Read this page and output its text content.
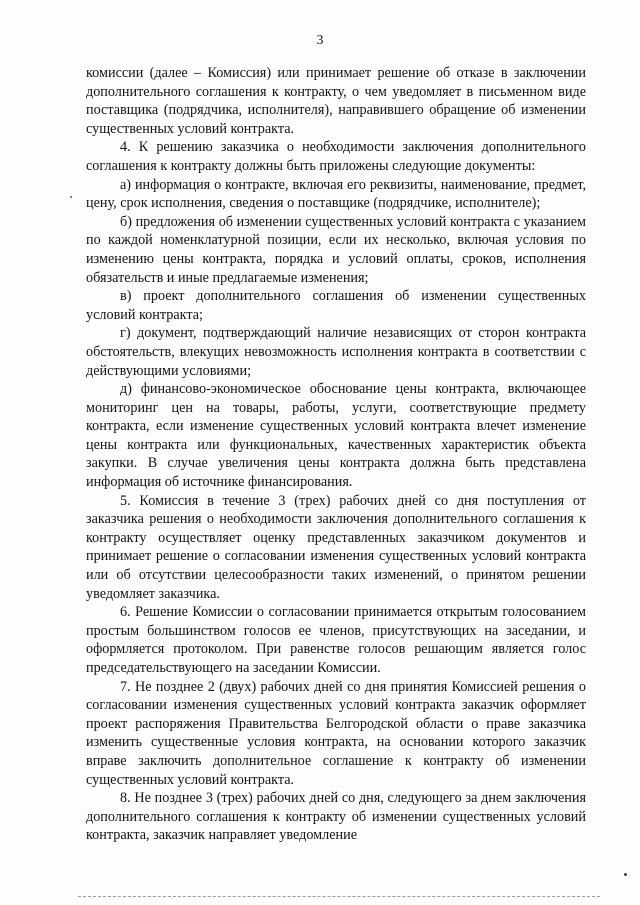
3

комиссии (далее – Комиссия) или принимает решение об отказе в заключении дополнительного соглашения к контракту, о чем уведомляет в письменном виде поставщика (подрядчика, исполнителя), направившего обращение об изменении существенных условий контракта.

4. К решению заказчика о необходимости заключения дополнительного соглашения к контракту должны быть приложены следующие документы:

а) информация о контракте, включая его реквизиты, наименование, предмет, цену, срок исполнения, сведения о поставщике (подрядчике, исполнителе);

б) предложения об изменении существенных условий контракта с указанием по каждой номенклатурной позиции, если их несколько, включая условия по изменению цены контракта, порядка и условий оплаты, сроков, исполнения обязательств и иные предлагаемые изменения;

в) проект дополнительного соглашения об изменении существенных условий контракта;

г) документ, подтверждающий наличие независящих от сторон контракта обстоятельств, влекущих невозможность исполнения контракта в соответствии с действующими условиями;

д) финансово-экономическое обоснование цены контракта, включающее мониторинг цен на товары, работы, услуги, соответствующие предмету контракта, если изменение существенных условий контракта влечет изменение цены контракта или функциональных, качественных характеристик объекта закупки. В случае увеличения цены контракта должна быть представлена информация об источнике финансирования.

5. Комиссия в течение 3 (трех) рабочих дней со дня поступления от заказчика решения о необходимости заключения дополнительного соглашения к контракту осуществляет оценку представленных заказчиком документов и принимает решение о согласовании изменения существенных условий контракта или об отсутствии целесообразности таких изменений, о принятом решении уведомляет заказчика.

6. Решение Комиссии о согласовании принимается открытым голосованием простым большинством голосов ее членов, присутствующих на заседании, и оформляется протоколом. При равенстве голосов решающим является голос председательствующего на заседании Комиссии.

7. Не позднее 2 (двух) рабочих дней со дня принятия Комиссией решения о согласовании изменения существенных условий контракта заказчик оформляет проект распоряжения Правительства Белгородской области о праве заказчика изменить существенные условия контракта, на основании которого заказчик вправе заключить дополнительное соглашение к контракту об изменении существенных условий контракта.

8. Не позднее 3 (трех) рабочих дней со дня, следующего за днем заключения дополнительного соглашения к контракту об изменении существенных условий контракта, заказчик направляет уведомление
